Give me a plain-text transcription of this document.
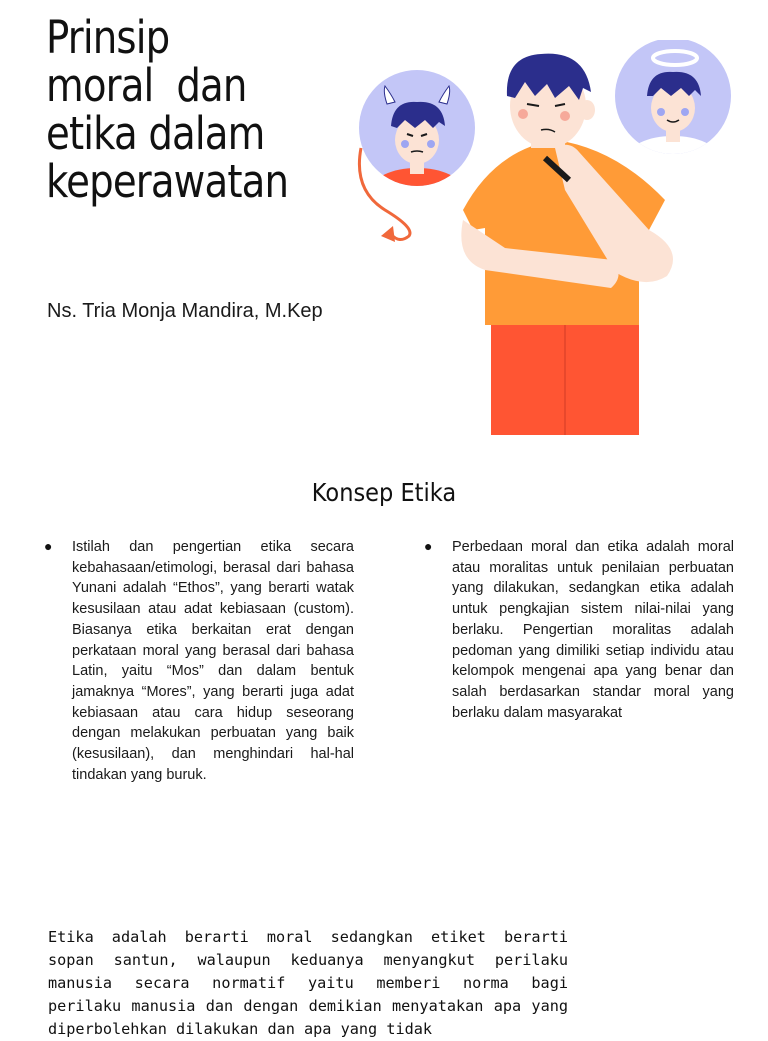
Prinsip
moral  dan
etika dalam
keperawatan
Ns. Tria Monja Mandira, M.Kep
Konsep Etika
● Istilah dan pengertian etika secara kebahasaan/etimologi, berasal dari bahasa Yunani adalah “Ethos”, yang berarti watak kesusilaan atau adat kebiasaan (custom). Biasanya etika berkaitan erat dengan perkataan moral yang berasal dari bahasa Latin, yaitu “Mos” dan dalam bentuk jamaknya “Mores”, yang berarti juga adat kebiasaan atau cara hidup seseorang dengan melakukan perbuatan yang baik (kesusilaan), dan menghindari hal-hal tindakan yang buruk.
● Perbedaan moral dan etika adalah moral atau moralitas untuk penilaian perbuatan yang dilakukan, sedangkan etika adalah untuk pengkajian sistem nilai-nilai yang berlaku. Pengertian moralitas adalah pedoman yang dimiliki setiap individu atau kelompok mengenai apa yang benar dan salah berdasarkan standar moral yang berlaku dalam masyarakat
Etika adalah berarti moral sedangkan etiket berarti sopan santun, walaupun keduanya menyangkut perilaku manusia secara normatif yaitu memberi norma bagi perilaku manusia dan dengan demikian menyatakan apa yang diperbolehkan dilakukan dan apa yang tidak
